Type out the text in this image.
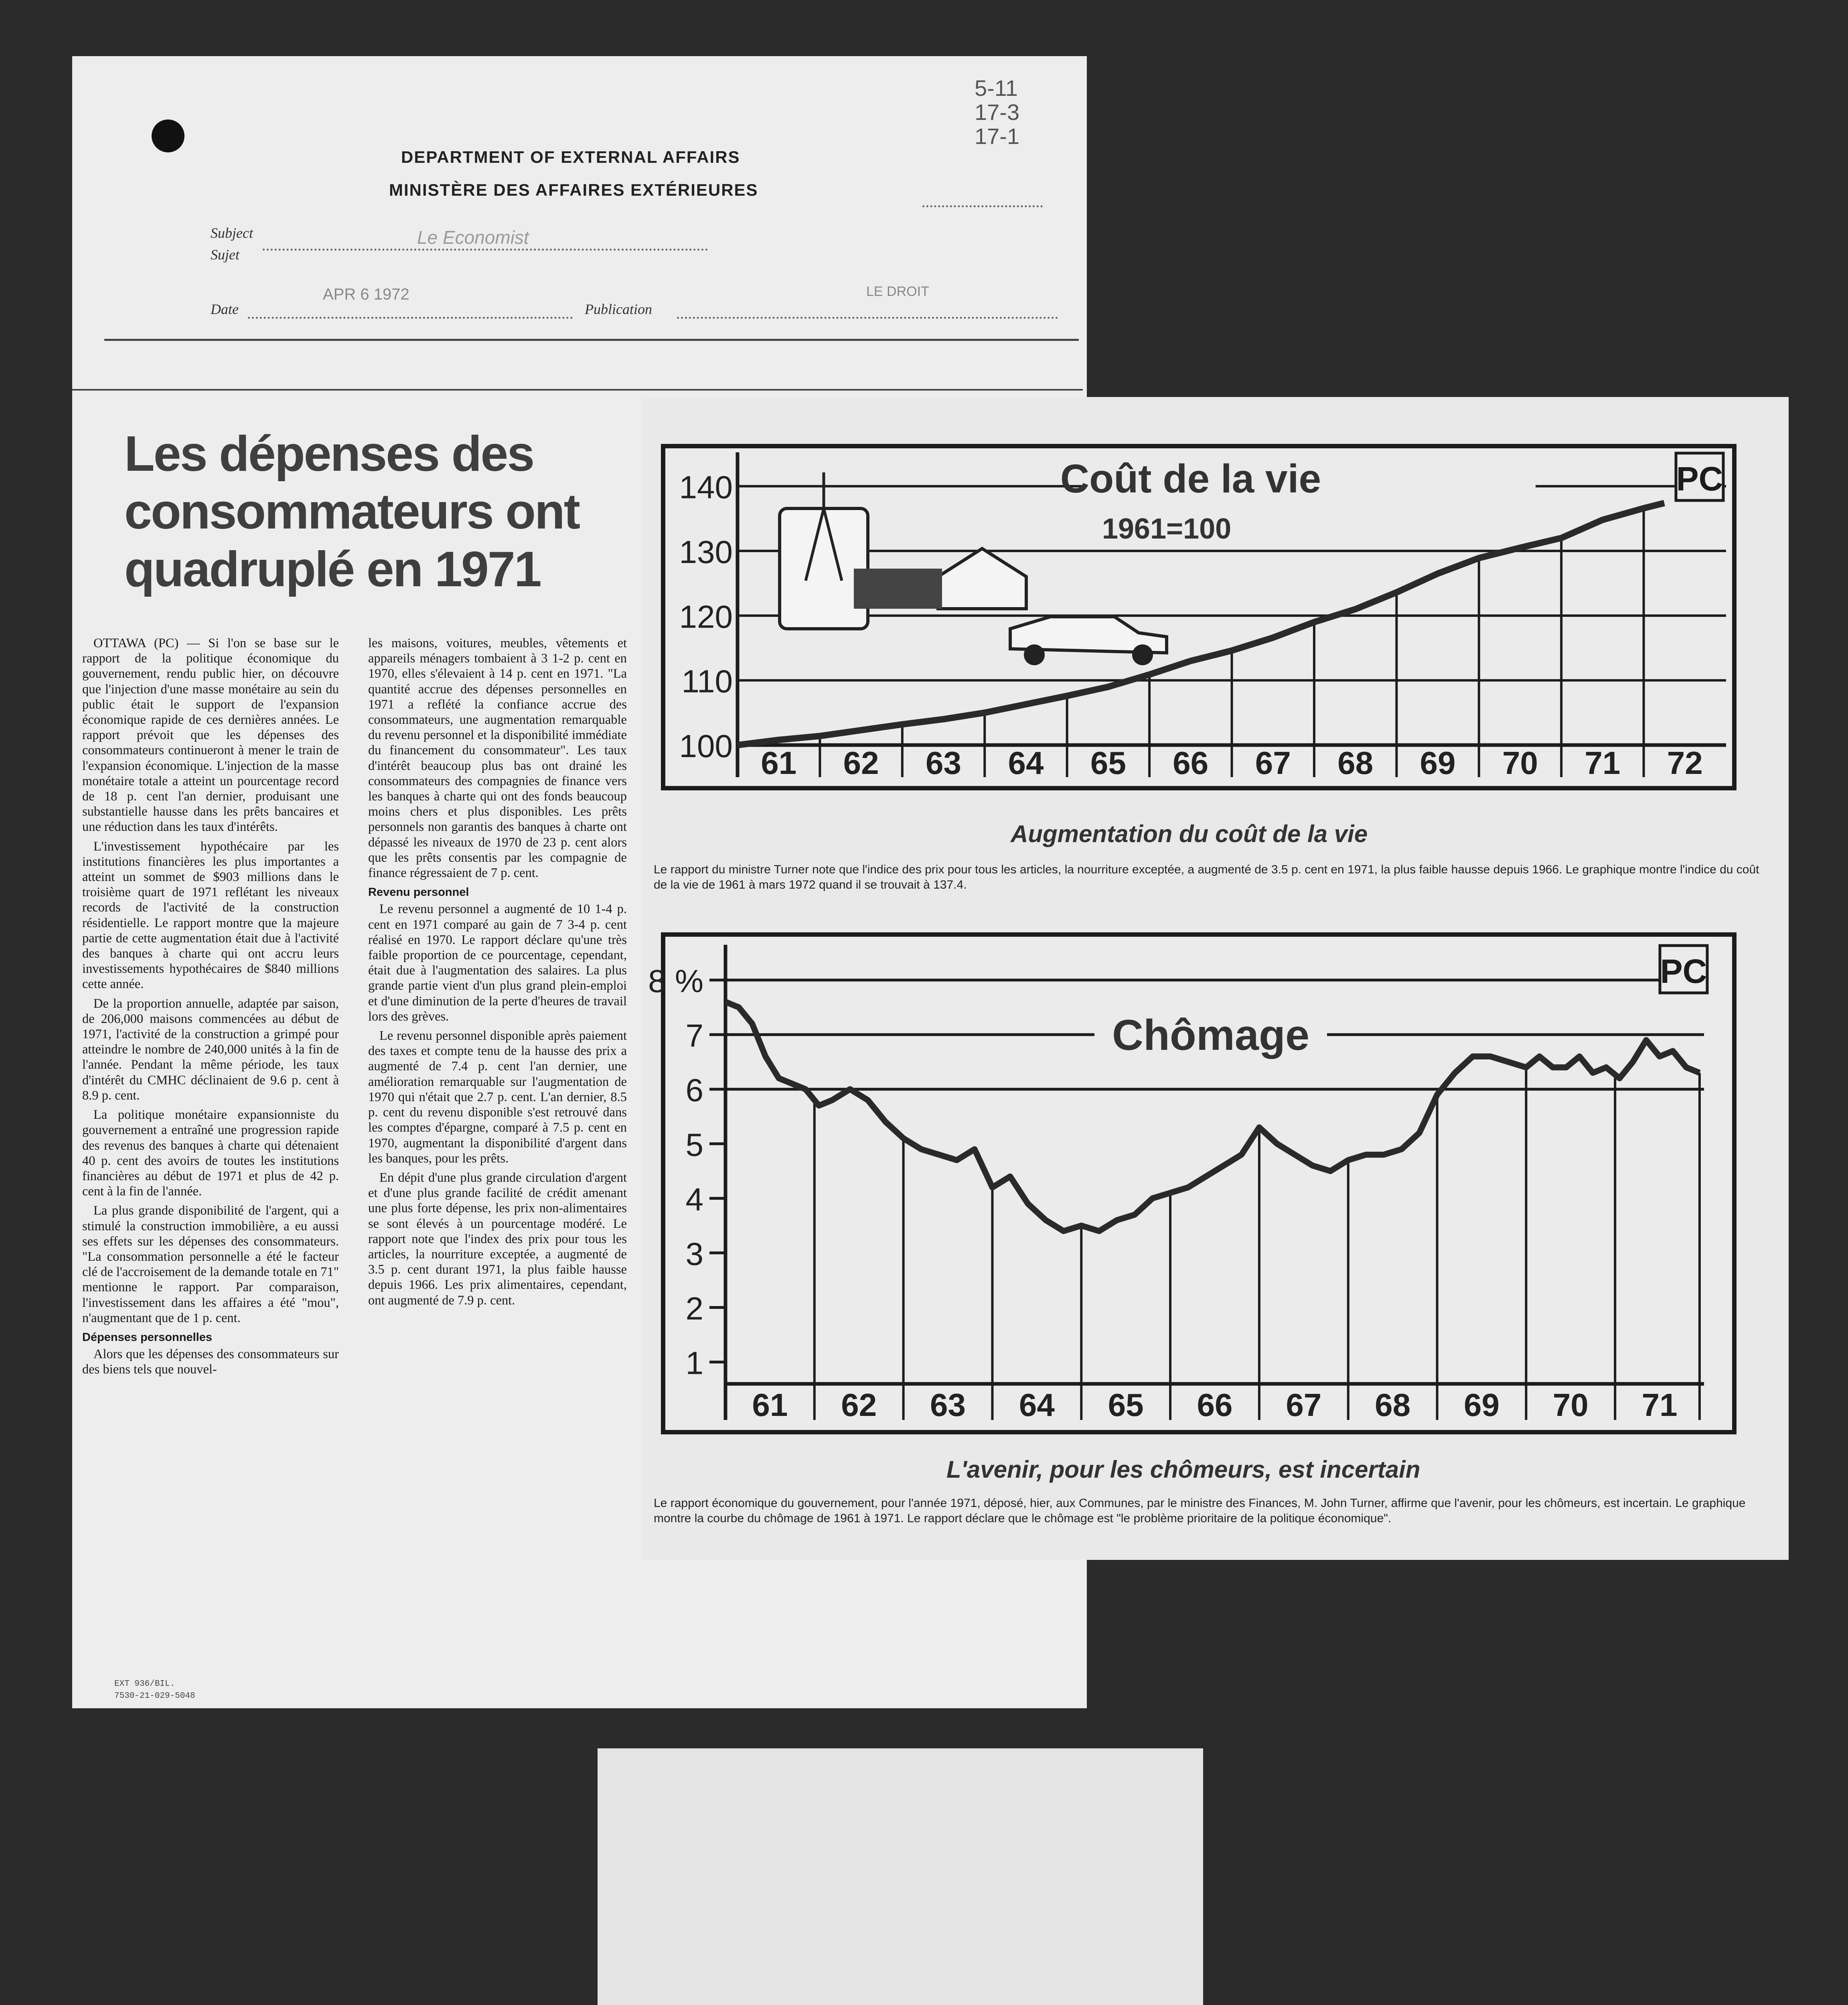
DEPARTMENT OF EXTERNAL AFFAIRS
MINISTÈRE DES AFFAIRES EXTÉRIEURES
5-11
17-3
17-1
Subject
Sujet
Le Economist
Date
APR 6 1972
Publication
LE DROIT
Les dépenses des consommateurs ont quadruplé en 1971

OTTAWA (PC) — Si l'on se base sur le rapport de la politique économique du gouvernement, rendu public hier, on découvre que l'injection d'une masse monétaire au sein du public était le support de l'expansion économique rapide de ces dernières années. Le rapport prévoit que les dépenses des consommateurs continueront à mener le train de l'expansion économique. L'injection de la masse monétaire totale a atteint un pourcentage record de 18 p. cent l'an dernier, produisant une substantielle hausse dans les prêts bancaires et une réduction dans les taux d'intérêts.

L'investissement hypothécaire par les institutions financières les plus importantes a atteint un sommet de $903 millions dans le troisième quart de 1971 reflétant les niveaux records de l'activité de la construction résidentielle. Le rapport montre que la majeure partie de cette augmentation était due à l'activité des banques à charte qui ont accru leurs investissements hypothécaires de $840 millions cette année.

De la proportion annuelle, adaptée par saison, de 206,000 maisons commencées au début de 1971, l'activité de la construction a grimpé pour atteindre le nombre de 240,000 unités à la fin de l'année. Pendant la même période, les taux d'intérêt du CMHC déclinaient de 9.6 p. cent à 8.9 p. cent.

La politique monétaire expansionniste du gouvernement a entraîné une progression rapide des revenus des banques à charte qui détenaient 40 p. cent des avoirs de toutes les institutions financières au début de 1971 et plus de 42 p. cent à la fin de l'année.

La plus grande disponibilité de l'argent, qui a stimulé la construction immobilière, a eu aussi ses effets sur les dépenses des consommateurs. "La consommation personnelle a été le facteur clé de l'accroisement de la demande totale en 71" mentionne le rapport. Par comparaison, l'investissement dans les affaires a été "mou", n'augmentant que de 1 p. cent.

Dépenses personnelles

Alors que les dépenses des consommateurs sur des biens tels que nouvel-

les maisons, voitures, meubles, vêtements et appareils ménagers tombaient à 3 1-2 p. cent en 1970, elles s'élevaient à 14 p. cent en 1971. "La quantité accrue des dépenses personnelles en 1971 a reflété la confiance accrue des consommateurs, une augmentation remarquable du revenu personnel et la disponibilité immédiate du financement du consommateur". Les taux d'intérêt beaucoup plus bas ont drainé les consommateurs des compagnies de finance vers les banques à charte qui ont des fonds beaucoup moins chers et plus disponibles. Les prêts personnels non garantis des banques à charte ont dépassé les niveaux de 1970 de 23 p. cent alors que les prêts consentis par les compagnie de finance régressaient de 7 p. cent.

Revenu personnel

Le revenu personnel a augmenté de 10 1-4 p. cent en 1971 comparé au gain de 7 3-4 p. cent réalisé en 1970. Le rapport déclare qu'une très faible proportion de ce pourcentage, cependant, était due à l'augmentation des salaires. La plus grande partie vient d'un plus grand plein-emploi et d'une diminution de la perte d'heures de travail lors des grèves.

Le revenu personnel disponible après paiement des taxes et compte tenu de la hausse des prix a augmenté de 7.4 p. cent l'an dernier, une amélioration remarquable sur l'augmentation de 1970 qui n'était que 2.7 p. cent. L'an dernier, 8.5 p. cent du revenu disponible s'est retrouvé dans les comptes d'épargne, comparé à 7.5 p. cent en 1970, augmentant la disponibilité d'argent dans les banques, pour les prêts.

En dépit d'une plus grande circulation d'argent et d'une plus grande facilité de crédit amenant une plus forte dépense, les prix non-alimentaires se sont élevés à un pourcentage modéré. Le rapport note que l'index des prix pour tous les articles, la nourriture exceptée, a augmenté de 3.5 p. cent durant 1971, la plus faible hausse depuis 1966. Les prix alimentaires, cependant, ont augmenté de 7.9 p. cent.

EXT 936/BIL.
7530-21-029-5048
100
110
120
130
140
61 62 63 64 65 66 67 68 69 70 71 72
Coût de la vie
1961=100
PC
Augmentation du coût de la vie
Le rapport du ministre Turner note que l'indice des prix pour tous les articles, la nourriture exceptée, a augmenté de 3.5 p. cent en 1971, la plus faible hausse depuis 1966. Le graphique montre l'indice du coût de la vie de 1961 à mars 1972 quand il se trouvait à 137.4.
1
2
3
4
5
6
7
8 %
61 62 63 64 65 66 67 68 69 70 71
Chômage
PC
L'avenir, pour les chômeurs, est incertain
Le rapport économique du gouvernement, pour l'année 1971, déposé, hier, aux Communes, par le ministre des Finances, M. John Turner, affirme que l'avenir, pour les chômeurs, est incertain. Le graphique montre la courbe du chômage de 1961 à 1971. Le rapport déclare que le chômage est "le problème prioritaire de la politique économique".
